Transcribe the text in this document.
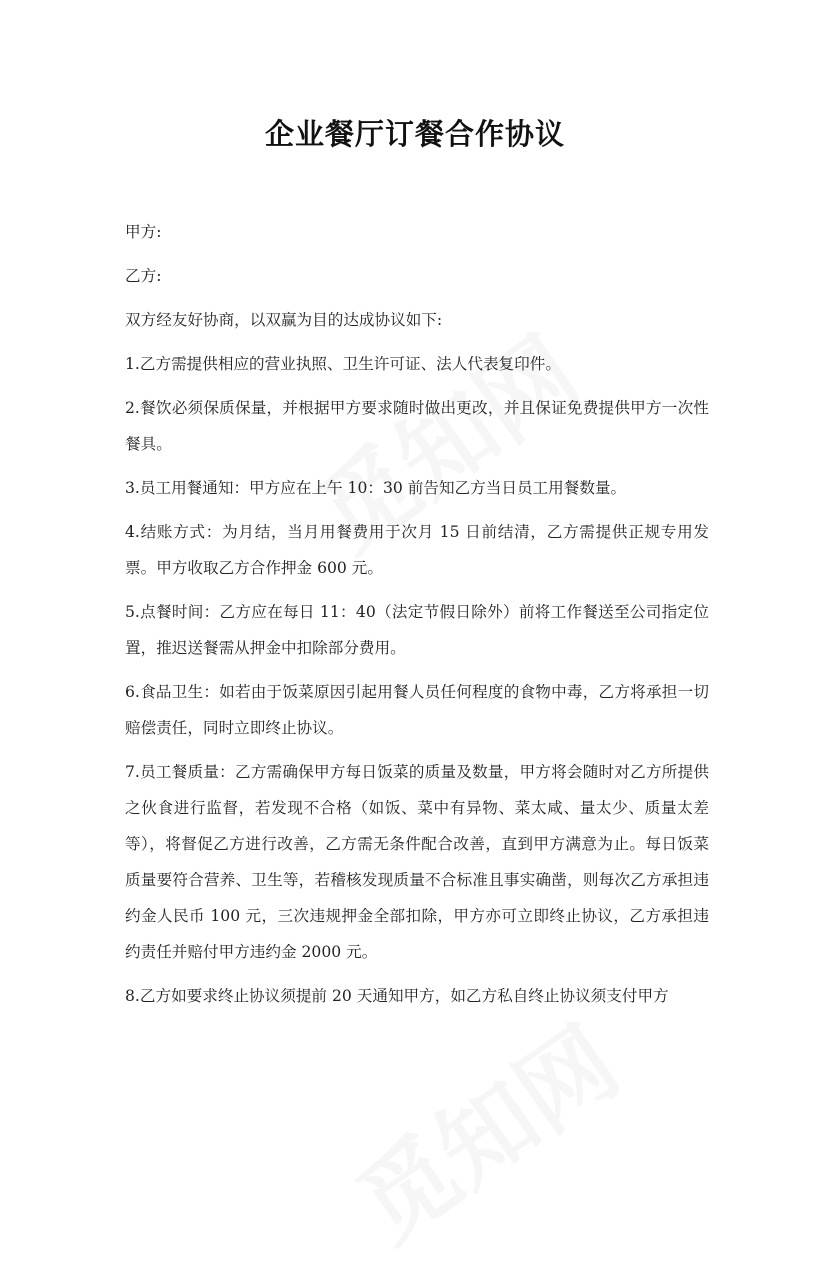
企业餐厅订餐合作协议

甲方:

乙方:

双方经友好协商，以双赢为目的达成协议如下:

1.乙方需提供相应的营业执照、卫生许可证、法人代表复印件。

2.餐饮必须保质保量，并根据甲方要求随时做出更改，并且保证免费提供甲方一次性餐具。

3.员工用餐通知：甲方应在上午 10：30 前告知乙方当日员工用餐数量。

4.结账方式：为月结，当月用餐费用于次月 15 日前结清，乙方需提供正规专用发票。甲方收取乙方合作押金 600 元。

5.点餐时间：乙方应在每日 11：40（法定节假日除外）前将工作餐送至公司指定位置，推迟送餐需从押金中扣除部分费用。

6.食品卫生：如若由于饭菜原因引起用餐人员任何程度的食物中毒，乙方将承担一切赔偿责任，同时立即终止协议。

7.员工餐质量：乙方需确保甲方每日饭菜的质量及数量，甲方将会随时对乙方所提供之伙食进行监督，若发现不合格（如饭、菜中有异物、菜太咸、量太少、质量太差等），将督促乙方进行改善，乙方需无条件配合改善，直到甲方满意为止。每日饭菜质量要符合营养、卫生等，若稽核发现质量不合标准且事实确凿，则每次乙方承担违约金人民币 100 元，三次违规押金全部扣除，甲方亦可立即终止协议，乙方承担违约责任并赔付甲方违约金 2000 元。

8.乙方如要求终止协议须提前 20 天通知甲方，如乙方私自终止协议须支付甲方
